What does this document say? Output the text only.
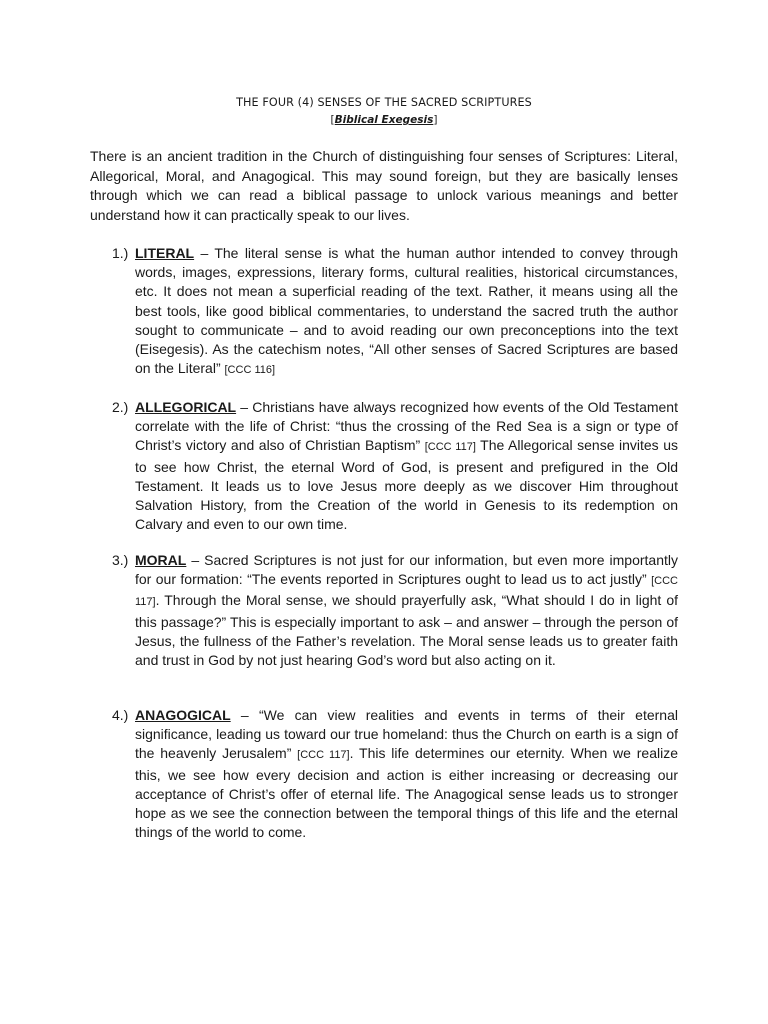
THE FOUR (4) SENSES OF THE SACRED SCRIPTURES
[Biblical Exegesis]

There is an ancient tradition in the Church of distinguishing four senses of Scriptures: Literal, Allegorical, Moral, and Anagogical. This may sound foreign, but they are basically lenses through which we can read a biblical passage to unlock various meanings and better understand how it can practically speak to our lives.

1.) LITERAL – The literal sense is what the human author intended to convey through words, images, expressions, literary forms, cultural realities, historical circumstances, etc. It does not mean a superficial reading of the text. Rather, it means using all the best tools, like good biblical commentaries, to understand the sacred truth the author sought to communicate – and to avoid reading our own preconceptions into the text (Eisegesis). As the catechism notes, “All other senses of Sacred Scriptures are based on the Literal” [CCC 116]

2.) ALLEGORICAL – Christians have always recognized how events of the Old Testament correlate with the life of Christ: “thus the crossing of the Red Sea is a sign or type of Christ’s victory and also of Christian Baptism” [CCC 117] The Allegorical sense invites us to see how Christ, the eternal Word of God, is present and prefigured in the Old Testament. It leads us to love Jesus more deeply as we discover Him throughout Salvation History, from the Creation of the world in Genesis to its redemption on Calvary and even to our own time.

3.) MORAL – Sacred Scriptures is not just for our information, but even more importantly for our formation: “The events reported in Scriptures ought to lead us to act justly” [CCC 117]. Through the Moral sense, we should prayerfully ask, “What should I do in light of this passage?” This is especially important to ask – and answer – through the person of Jesus, the fullness of the Father’s revelation. The Moral sense leads us to greater faith and trust in God by not just hearing God’s word but also acting on it.

4.) ANAGOGICAL – “We can view realities and events in terms of their eternal significance, leading us toward our true homeland: thus the Church on earth is a sign of the heavenly Jerusalem” [CCC 117]. This life determines our eternity. When we realize this, we see how every decision and action is either increasing or decreasing our acceptance of Christ’s offer of eternal life. The Anagogical sense leads us to stronger hope as we see the connection between the temporal things of this life and the eternal things of the world to come.
